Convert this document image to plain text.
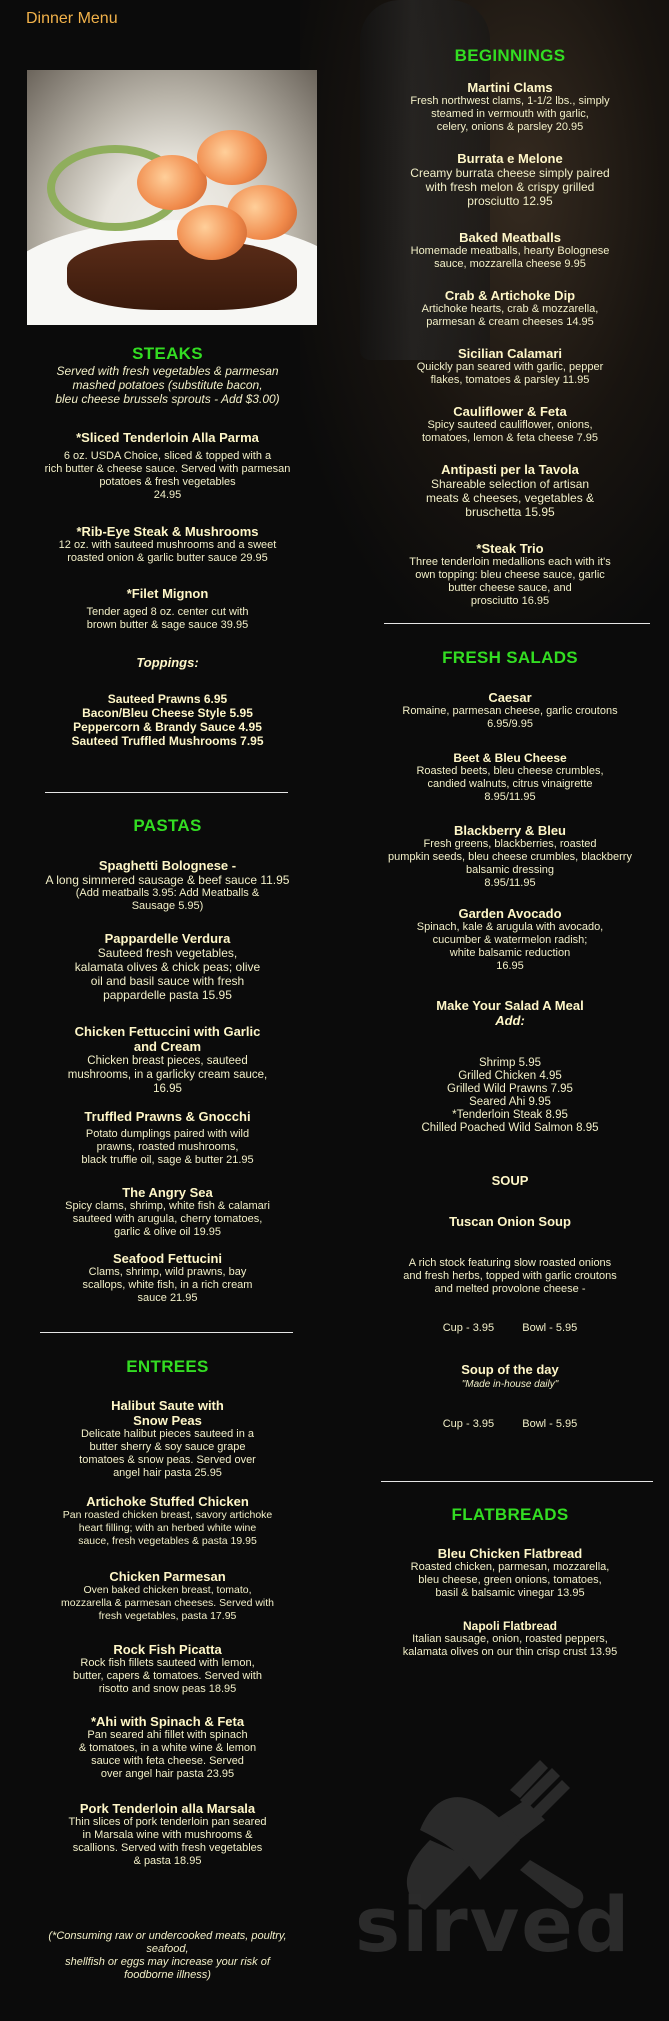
Dinner Menu
STEAKS
Served with fresh vegetables & parmesan
mashed potatoes (substitute bacon,
bleu cheese brussels sprouts - Add $3.00)
*Sliced Tenderloin Alla Parma
6 oz. USDA Choice, sliced & topped with a
rich butter & cheese sauce. Served with parmesan
potatoes & fresh vegetables
24.95
*Rib-Eye Steak & Mushrooms
12 oz. with sauteed mushrooms and a sweet
roasted onion & garlic butter sauce 29.95
*Filet Mignon
Tender aged 8 oz. center cut with
brown butter & sage sauce 39.95
Toppings:
Sauteed Prawns 6.95
Bacon/Bleu Cheese Style 5.95
Peppercorn & Brandy Sauce 4.95
Sauteed Truffled Mushrooms 7.95
PASTAS
Spaghetti Bolognese -
A long simmered sausage & beef sauce 11.95
(Add meatballs 3.95: Add Meatballs &
Sausage 5.95)
Pappardelle Verdura
Sauteed fresh vegetables,
kalamata olives & chick peas; olive
oil and basil sauce with fresh
pappardelle pasta 15.95
Chicken Fettuccini with Garlic
and Cream
Chicken breast pieces, sauteed
mushrooms, in a garlicky cream sauce,
16.95
Truffled Prawns & Gnocchi
Potato dumplings paired with wild
prawns, roasted mushrooms,
black truffle oil, sage & butter 21.95
The Angry Sea
Spicy clams, shrimp, white fish & calamari
sauteed with arugula, cherry tomatoes,
garlic & olive oil 19.95
Seafood Fettucini
Clams, shrimp, wild prawns, bay
scallops, white fish, in a rich cream
sauce 21.95
ENTREES
Halibut Saute with
Snow Peas
Delicate halibut pieces sauteed in a
butter sherry & soy sauce grape
tomatoes & snow peas. Served over
angel hair pasta 25.95
Artichoke Stuffed Chicken
Pan roasted chicken breast, savory artichoke
heart filling; with an herbed white wine
sauce, fresh vegetables & pasta 19.95
Chicken Parmesan
Oven baked chicken breast, tomato,
mozzarella & parmesan cheeses. Served with
fresh vegetables, pasta 17.95
Rock Fish Picatta
Rock fish fillets sauteed with lemon,
butter, capers & tomatoes. Served with
risotto and snow peas 18.95
*Ahi with Spinach & Feta
Pan seared ahi fillet with spinach
& tomatoes, in a white wine & lemon
sauce with feta cheese. Served
over angel hair pasta 23.95
Pork Tenderloin alla Marsala
Thin slices of pork tenderloin pan seared
in Marsala wine with mushrooms &
scallions. Served with fresh vegetables
& pasta 18.95
(*Consuming raw or undercooked meats, poultry,
seafood,
shellfish or eggs may increase your risk of
foodborne illness)
BEGINNINGS
Martini Clams
Fresh northwest clams, 1-1/2 lbs., simply
steamed in vermouth with garlic,
celery, onions & parsley 20.95
Burrata e Melone
Creamy burrata cheese simply paired
with fresh melon & crispy grilled
prosciutto 12.95
Baked Meatballs
Homemade meatballs, hearty Bolognese
sauce, mozzarella cheese 9.95
Crab & Artichoke Dip
Artichoke hearts, crab & mozzarella,
parmesan & cream cheeses 14.95
Sicilian Calamari
Quickly pan seared with garlic, pepper
flakes, tomatoes & parsley 11.95
Cauliflower & Feta
Spicy sauteed cauliflower, onions,
tomatoes, lemon & feta cheese 7.95
Antipasti per la Tavola
Shareable selection of artisan
meats & cheeses, vegetables &
bruschetta 15.95
*Steak Trio
Three tenderloin medallions each with it's
own topping: bleu cheese sauce, garlic
butter cheese sauce, and
prosciutto 16.95
FRESH SALADS
Caesar
Romaine, parmesan cheese, garlic croutons
6.95/9.95
Beet & Bleu Cheese
Roasted beets, bleu cheese crumbles,
candied walnuts, citrus vinaigrette
8.95/11.95
Blackberry & Bleu
Fresh greens, blackberries, roasted
pumpkin seeds, bleu cheese crumbles, blackberry
balsamic dressing
8.95/11.95
Garden Avocado
Spinach, kale & arugula with avocado,
cucumber & watermelon radish;
white balsamic reduction
16.95
Make Your Salad A Meal
Add:
Shrimp 5.95
Grilled Chicken 4.95
Grilled Wild Prawns 7.95
Seared Ahi 9.95
*Tenderloin Steak 8.95
Chilled Poached Wild Salmon 8.95
SOUP
Tuscan Onion Soup
A rich stock featuring slow roasted onions
and fresh herbs, topped with garlic croutons
and melted provolone cheese -
Cup - 3.95	Bowl - 5.95
Soup of the day
"Made in-house daily"
Cup - 3.95	Bowl - 5.95
FLATBREADS
Bleu Chicken Flatbread
Roasted chicken, parmesan, mozzarella,
bleu cheese, green onions, tomatoes,
basil & balsamic vinegar 13.95
Napoli Flatbread
Italian sausage, onion, roasted peppers,
kalamata olives on our thin crisp crust 13.95
sirved
